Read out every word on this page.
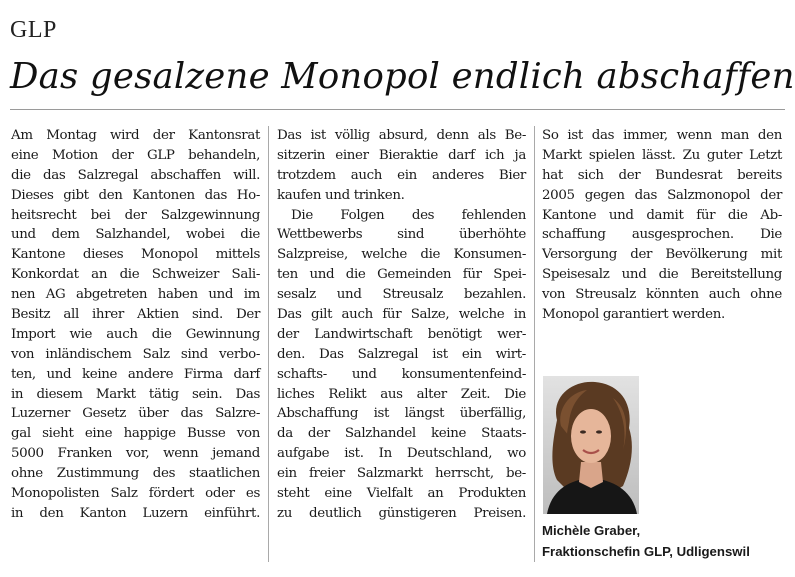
GLP
Das gesalzene Monopol endlich abschaffen
Am Montag wird der Kantonsrat
eine Motion der GLP behandeln,
die das Salzregal abschaffen will.
Dieses gibt den Kantonen das Ho-
heitsrecht bei der Salzgewinnung
und dem Salzhandel, wobei die
Kantone dieses Monopol mittels
Konkordat an die Schweizer Sali-
nen AG abgetreten haben und im
Besitz all ihrer Aktien sind. Der
Import wie auch die Gewinnung
von inländischem Salz sind verbo-
ten, und keine andere Firma darf
in diesem Markt tätig sein. Das
Luzerner Gesetz über das Salzre-
gal sieht eine happige Busse von
5000 Franken vor, wenn jemand
ohne Zustimmung des staatlichen
Monopolisten Salz fördert oder es
in den Kanton Luzern einführt.
Das ist völlig absurd, denn als Be-
sitzerin einer Bieraktie darf ich ja
trotzdem auch ein anderes Bier
kaufen und trinken.
Die Folgen des fehlenden
Wettbewerbs sind überhöhte
Salzpreise, welche die Konsumen-
ten und die Gemeinden für Spei-
sesalz und Streusalz bezahlen.
Das gilt auch für Salze, welche in
der Landwirtschaft benötigt wer-
den. Das Salzregal ist ein wirt-
schafts- und konsumentenfeind-
liches Relikt aus alter Zeit. Die
Abschaffung ist längst überfällig,
da der Salzhandel keine Staats-
aufgabe ist. In Deutschland, wo
ein freier Salzmarkt herrscht, be-
steht eine Vielfalt an Produkten
zu deutlich günstigeren Preisen.
So ist das immer, wenn man den
Markt spielen lässt. Zu guter Letzt
hat sich der Bundesrat bereits
2005 gegen das Salzmonopol der
Kantone und damit für die Ab-
schaffung ausgesprochen. Die
Versorgung der Bevölkerung mit
Speisesalz und die Bereitstellung
von Streusalz könnten auch ohne
Monopol garantiert werden.
Michèle Graber,
Fraktionschefin GLP, Udligenswil
